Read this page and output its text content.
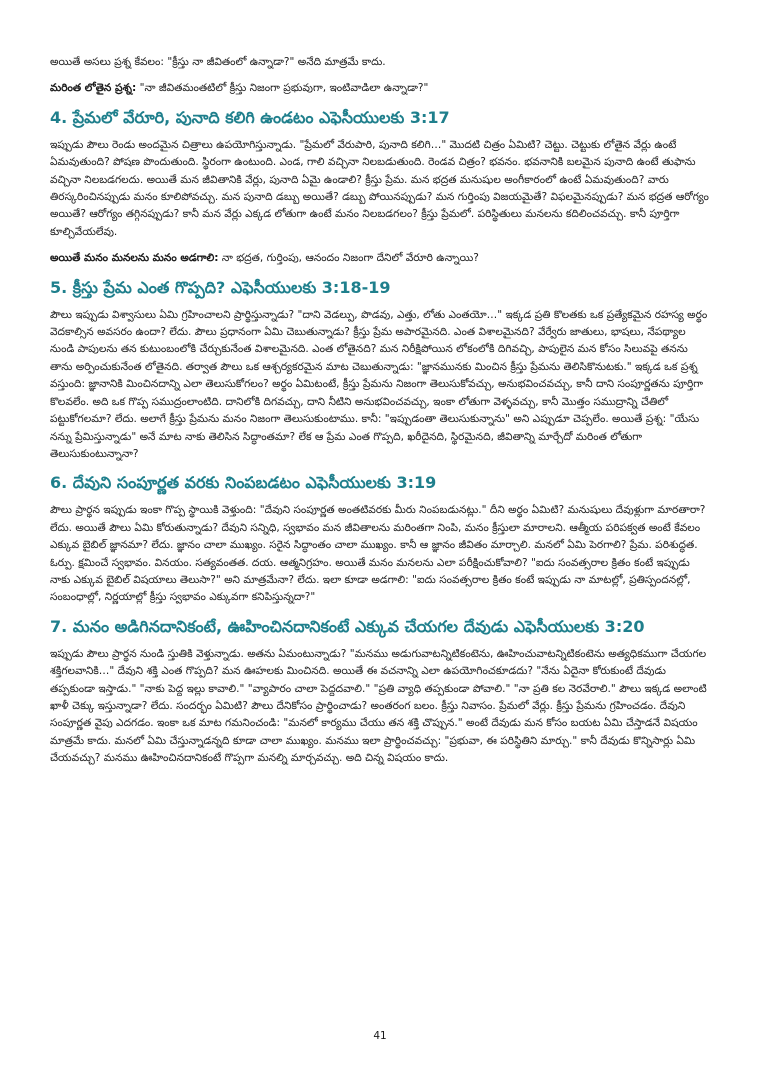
అయితే అసలు ప్రశ్న కేవలం: "క్రీస్తు నా జీవితంలో ఉన్నాడా?" అనేది మాత్రమే కాదు.

మరింత లోతైన ప్రశ్న: "నా జీవితమంతటిలో క్రీస్తు నిజంగా ప్రభువుగా, ఇంటివాడిలా ఉన్నాడా?"

4. ప్రేమలో వేరూరి, పునాది కలిగి ఉండటం ఎఫెసీయులకు 3:17

ఇప్పుడు పౌలు రెండు అందమైన చిత్రాలు ఉపయోగిస్తున్నాడు. "ప్రేమలో వేరుపారి, పునాది కలిగి…" మొదటి చిత్రం ఏమిటి? చెట్టు. చెట్టుకు లోతైన వేర్లు ఉంటే ఏమవుతుంది? పోషణ పొందుతుంది. స్థిరంగా ఉంటుంది. ఎండ, గాలి వచ్చినా నిలబడుతుంది. రెండవ చిత్రం? భవనం. భవనానికి బలమైన పునాది ఉంటే తుఫాను వచ్చినా నిలబడగలదు. అయితే మన జీవితానికి వేర్లు, పునాది ఏమై ఉండాలి? క్రీస్తు ప్రేమ. మన భద్రత మనుషుల అంగీకారంలో ఉంటే ఏమవుతుంది? వారు తిరస్కరించినప్పుడు మనం కూలిపోవచ్చు. మన పునాది డబ్బు అయితే? డబ్బు పోయినప్పుడు? మన గుర్తింపు విజయమైతే? విఫలమైనప్పుడు? మన భద్రత ఆరోగ్యం అయితే? ఆరోగ్యం తగ్గినప్పుడు? కానీ మన వేర్లు ఎక్కడ లోతుగా ఉంటే మనం నిలబడగలం? క్రీస్తు ప్రేమలో. పరిస్థితులు మనలను కదిలించవచ్చు. కానీ పూర్తిగా కూల్చివేయలేవు.

అయితే మనం మనలను మనం అడగాలి: నా భద్రత, గుర్తింపు, ఆనందం నిజంగా దేనిలో వేరూరి ఉన్నాయి?

5. క్రీస్తు ప్రేమ ఎంత గొప్పది? ఎఫెసీయులకు 3:18-19

పౌలు ఇప్పుడు విశ్వాసులు ఏమి గ్రహించాలని ప్రార్థిస్తున్నాడు? "దాని వెడల్పు, పొడవు, ఎత్తు, లోతు ఎంతయో…" ఇక్కడ ప్రతి కొలతకు ఒక ప్రత్యేకమైన రహస్య అర్థం వెదకాల్సిన అవసరం ఉందా? లేదు. పౌలు ప్రధానంగా ఏమి చెబుతున్నాడు? క్రీస్తు ప్రేమ అపారమైనది. ఎంత విశాలమైనది? వేర్వేరు జాతులు, భాషలు, నేపథ్యాల నుండి పాపులను తన కుటుంబంలోకి చేర్చుకునేంత విశాలమైనది. ఎంత లోతైనది? మన నిరీక్షిపోయిన లోకంలోకి దిగివచ్చి, పాపులైన మన కోసం సిలువపై తనను తాను అర్పించుకునేంత లోతైనది. తర్వాత పౌలు ఒక ఆశ్చర్యకరమైన మాట చెబుతున్నాడు: "జ్ఞానమునకు మించిన క్రీస్తు ప్రేమను తెలిసికొనుటకు." ఇక్కడ ఒక ప్రశ్న వస్తుంది: జ్ఞానానికి మించినదాన్ని ఎలా తెలుసుకోగలం? అర్థం ఏమిటంటే, క్రీస్తు ప్రేమను నిజంగా తెలుసుకోవచ్చు, అనుభవించవచ్చు, కానీ దాని సంపూర్ణతను పూర్తిగా కొలవలేం. అది ఒక గొప్ప సముద్రంలాంటిది. దానిలోకి దిగవచ్చు, దాని నీటిని అనుభవించవచ్చు, ఇంకా లోతుగా వెళ్ళవచ్చు, కానీ మొత్తం సముద్రాన్ని చేతిలో పట్టుకోగలమా? లేదు. అలాగే క్రీస్తు ప్రేమను మనం నిజంగా తెలుసుకుంటాము. కానీ: "ఇప్పుడంతా తెలుసుకున్నాను" అని ఎప్పుడూ చెప్పలేం. అయితే ప్రశ్న: "యేసు నన్ను ప్రేమిస్తున్నాడు" అనే మాట నాకు తెలిసిన సిద్ధాంతమా? లేక ఆ ప్రేమ ఎంత గొప్పది, ఖరీదైనది, స్థిరమైనది, జీవితాన్ని మార్చేదో మరింత లోతుగా తెలుసుకుంటున్నానా?

6. దేవుని సంపూర్ణత వరకు నింపబడటం ఎఫెసీయులకు 3:19

పౌలు ప్రార్థన ఇప్పుడు ఇంకా గొప్ప స్థాయికి వెళ్తుంది: "దేవుని సంపూర్ణత అంతటివరకు మీరు నింపబడునట్లు." దీని అర్థం ఏమిటి? మనుషులు దేవుళ్లుగా మారతారా? లేదు. అయితే పౌలు ఏమి కోరుతున్నాడు? దేవుని సన్నిధి, స్వభావం మన జీవితాలను మరింతగా నింపి, మనం క్రీస్తులా మారాలని. ఆత్మీయ పరిపక్వత అంటే కేవలం ఎక్కువ బైబిల్ జ్ఞానమా? లేదు. జ్ఞానం చాలా ముఖ్యం. సరైన సిద్ధాంతం చాలా ముఖ్యం. కానీ ఆ జ్ఞానం జీవితం మార్చాలి. మనలో ఏమి పెరగాలి? ప్రేమ. పరిశుద్ధత. ఓర్పు. క్షమించే స్వభావం. వినయం. సత్యవంతత. దయ. ఆత్మనిగ్రహం. అయితే మనం మనలను ఎలా పరీక్షించుకోవాలి? "ఐదు సంవత్సరాల క్రితం కంటే ఇప్పుడు నాకు ఎక్కువ బైబిల్ విషయాలు తెలుసా?" అని మాత్రమేనా? లేదు. ఇలా కూడా అడగాలి: "ఐదు సంవత్సరాల క్రితం కంటే ఇప్పుడు నా మాటల్లో, ప్రతిస్పందనల్లో, సంబంధాల్లో, నిర్ణయాల్లో క్రీస్తు స్వభావం ఎక్కువగా కనిపిస్తున్నదా?"

7. మనం అడిగినదానికంటే, ఊహించినదానికంటే ఎక్కువ చేయగల దేవుడు ఎఫెసీయులకు 3:20

ఇప్పుడు పౌలు ప్రార్థన నుండి స్తుతికి వెళ్తున్నాడు. అతను ఏమంటున్నాడు? "మనము అడుగువాటన్నిటికంటెను, ఊహించువాటన్నిటికంటెను అత్యధికముగా చేయగల శక్తిగలవానికి…" దేవుని శక్తి ఎంత గొప్పది? మన ఊహలకు మించినది. అయితే ఈ వచనాన్ని ఎలా ఉపయోగించకూడదు? "నేను ఏదైనా కోరుకుంటే దేవుడు తప్పకుండా ఇస్తాడు." "నాకు పెద్ద ఇల్లు కావాలి." "వ్యాపారం చాలా పెద్దదవాలి." "ప్రతి వ్యాధి తప్పకుండా పోవాలి." "నా ప్రతి కల నెరవేరాలి." పౌలు ఇక్కడ అలాంటి ఖాళీ చెక్కు ఇస్తున్నాడా? లేదు. సందర్భం ఏమిటి? పౌలు దేనికోసం ప్రార్థించాడు? అంతరంగ బలం. క్రీస్తు నివాసం. ప్రేమలో వేర్లు. క్రీస్తు ప్రేమను గ్రహించడం. దేవుని సంపూర్ణత వైపు ఎదగడం. ఇంకా ఒక మాట గమనించండి: "మనలో కార్యము చేయు తన శక్తి చొప్పున." అంటే దేవుడు మన కోసం బయట ఏమి చేస్తాడనే విషయం మాత్రమే కాదు. మనలో ఏమి చేస్తున్నాడన్నది కూడా చాలా ముఖ్యం. మనము ఇలా ప్రార్థించవచ్చు: "ప్రభువా, ఈ పరిస్థితిని మార్చు." కానీ దేవుడు కొన్నిసార్లు ఏమి చేయవచ్చు? మనము ఊహించినదానికంటే గొప్పగా మనల్ని మార్చవచ్చు. అది చిన్న విషయం కాదు.

41
